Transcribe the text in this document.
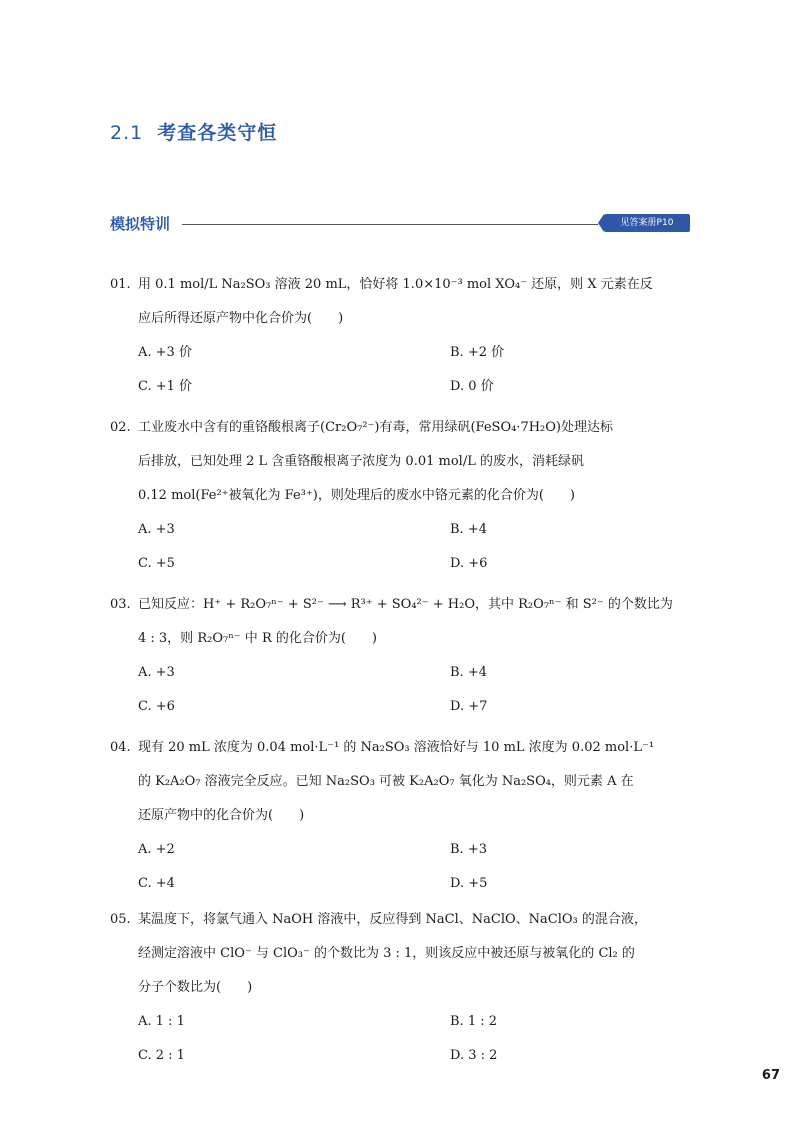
2.1 考查各类守恒
模拟特训	见答案册P10
01. 用 0.1 mol/L Na₂SO₃ 溶液 20 mL，恰好将 1.0×10⁻³ mol XO₄⁻ 还原，则 X 元素在反
应后所得还原产物中化合价为(　　)
A. +3 价	B. +2 价
C. +1 价	D. 0 价
02. 工业废水中含有的重铬酸根离子(Cr₂O₇²⁻)有毒，常用绿矾(FeSO₄·7H₂O)处理达标
后排放，已知处理 2 L 含重铬酸根离子浓度为 0.01 mol/L 的废水，消耗绿矾
0.12 mol(Fe²⁺被氧化为 Fe³⁺)，则处理后的废水中铬元素的化合价为(　　)
A. +3	B. +4
C. +5	D. +6
03. 已知反应：H⁺ + R₂O₇ⁿ⁻ + S²⁻ ⟶ R³⁺ + SO₄²⁻ + H₂O，其中 R₂O₇ⁿ⁻ 和 S²⁻ 的个数比为
4 : 3，则 R₂O₇ⁿ⁻ 中 R 的化合价为(　　)
A. +3	B. +4
C. +6	D. +7
04. 现有 20 mL 浓度为 0.04 mol·L⁻¹ 的 Na₂SO₃ 溶液恰好与 10 mL 浓度为 0.02 mol·L⁻¹
的 K₂A₂O₇ 溶液完全反应。已知 Na₂SO₃ 可被 K₂A₂O₇ 氧化为 Na₂SO₄，则元素 A 在
还原产物中的化合价为(　　)
A. +2	B. +3
C. +4	D. +5
05. 某温度下，将氯气通入 NaOH 溶液中，反应得到 NaCl、NaClO、NaClO₃ 的混合液，
经测定溶液中 ClO⁻ 与 ClO₃⁻ 的个数比为 3 : 1，则该反应中被还原与被氧化的 Cl₂ 的
分子个数比为(　　)
A. 1 : 1	B. 1 : 2
C. 2 : 1	D. 3 : 2
67
